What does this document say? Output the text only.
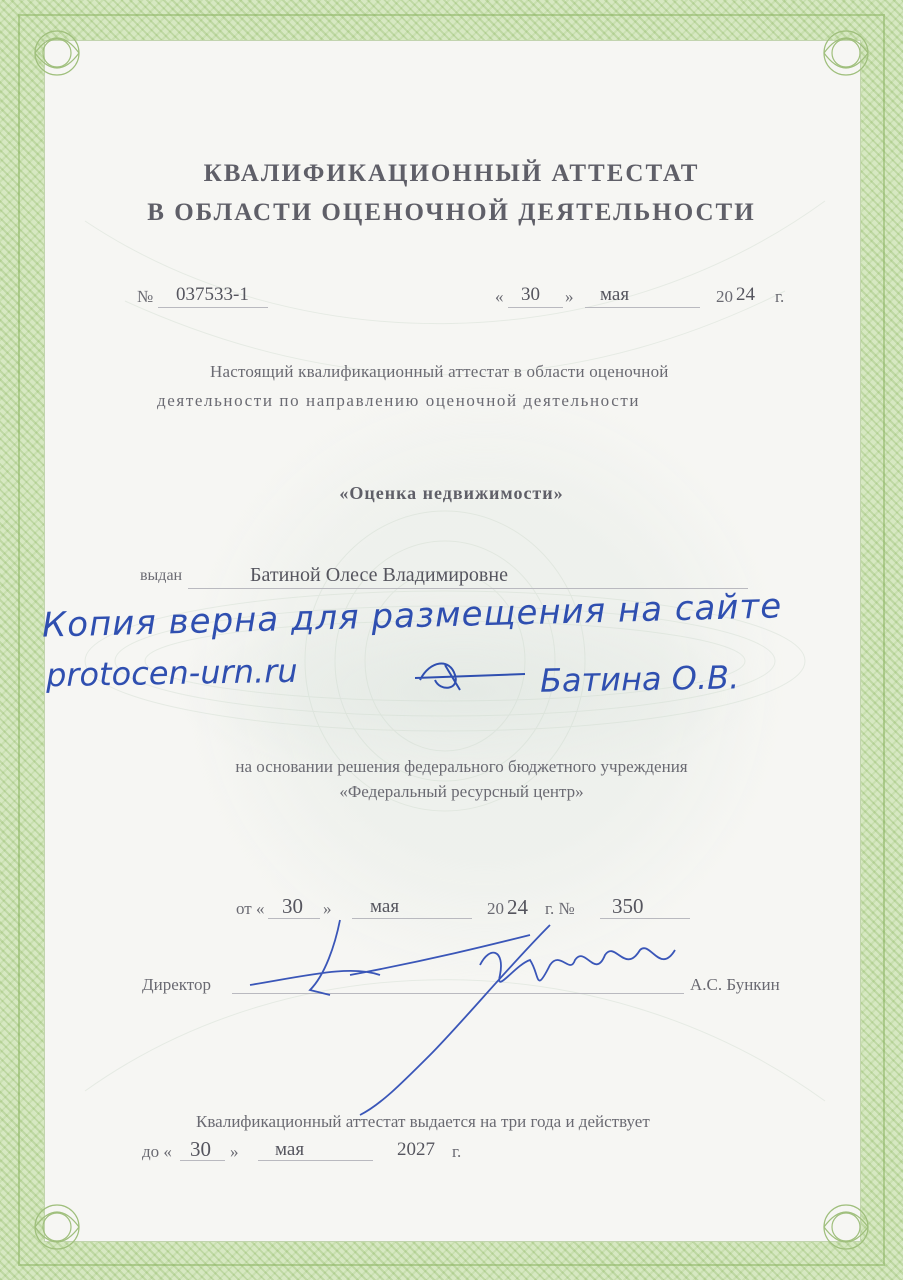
КВАЛИФИКАЦИОННЫЙ АТТЕСТАТ
В ОБЛАСТИ ОЦЕНОЧНОЙ ДЕЯТЕЛЬНОСТИ
№ 037533-1	« 30 » мая	20 24 г.
Настоящий квалификационный аттестат в области оценочной
деятельности по направлению оценочной деятельности
«Оценка недвижимости»
выдан	Батиной Олесе Владимировне
Копия верна для размещения на сайте
protocen-urn.ru	Батина О.В.
на основании решения федерального бюджетного учреждения
«Федеральный ресурсный центр»
от « 30 » мая	20 24 г. № 350
Директор	А.С. Бункин
Квалификационный аттестат выдается на три года и действует
до « 30 » мая	2027 г.
